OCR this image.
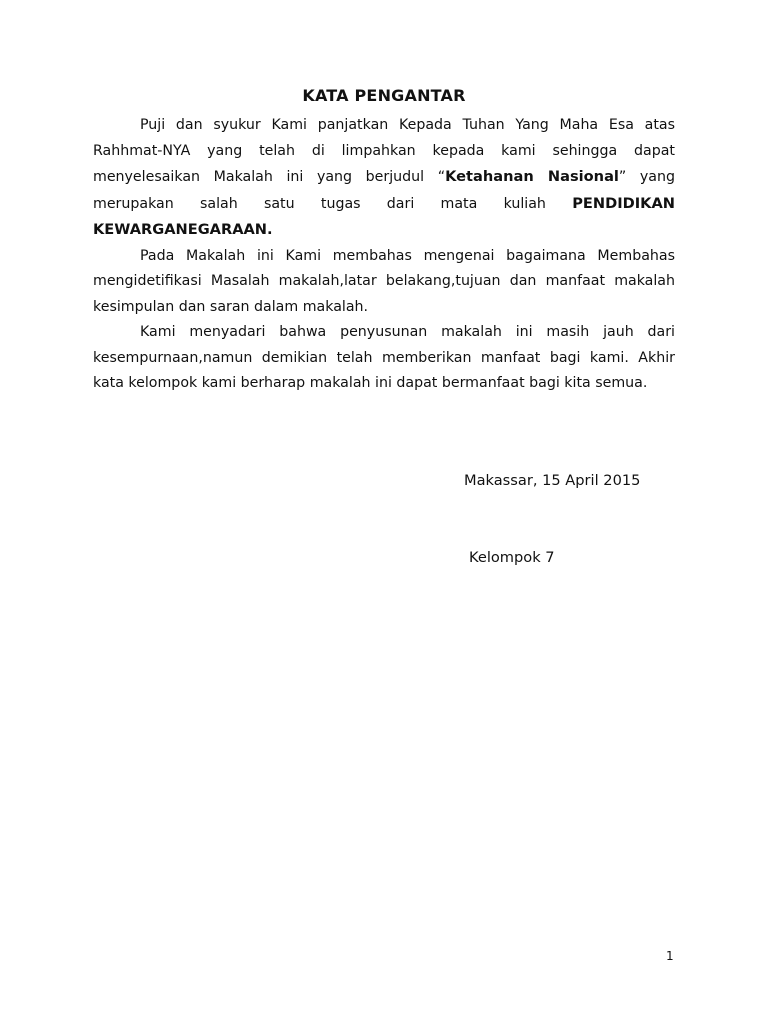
KATA PENGANTAR

Puji dan syukur Kami panjatkan Kepada Tuhan Yang Maha Esa atas Rahhmat-NYA yang telah di limpahkan kepada kami sehingga dapat menyelesaikan Makalah ini yang berjudul “Ketahanan Nasional” yang merupakan salah satu tugas dari mata kuliah PENDIDIKAN KEWARGANEGARAAN.

Pada Makalah ini Kami membahas mengenai bagaimana Membahas mengidetifikasi Masalah makalah,latar belakang,tujuan dan manfaat makalah kesimpulan dan saran dalam makalah.

Kami menyadari bahwa penyusunan makalah ini masih jauh dari kesempurnaan,namun demikian telah memberikan manfaat bagi kami. Akhir kata kelompok kami berharap makalah ini dapat bermanfaat bagi kita semua.

Makassar, 15 April 2015
Kelompok 7
1
